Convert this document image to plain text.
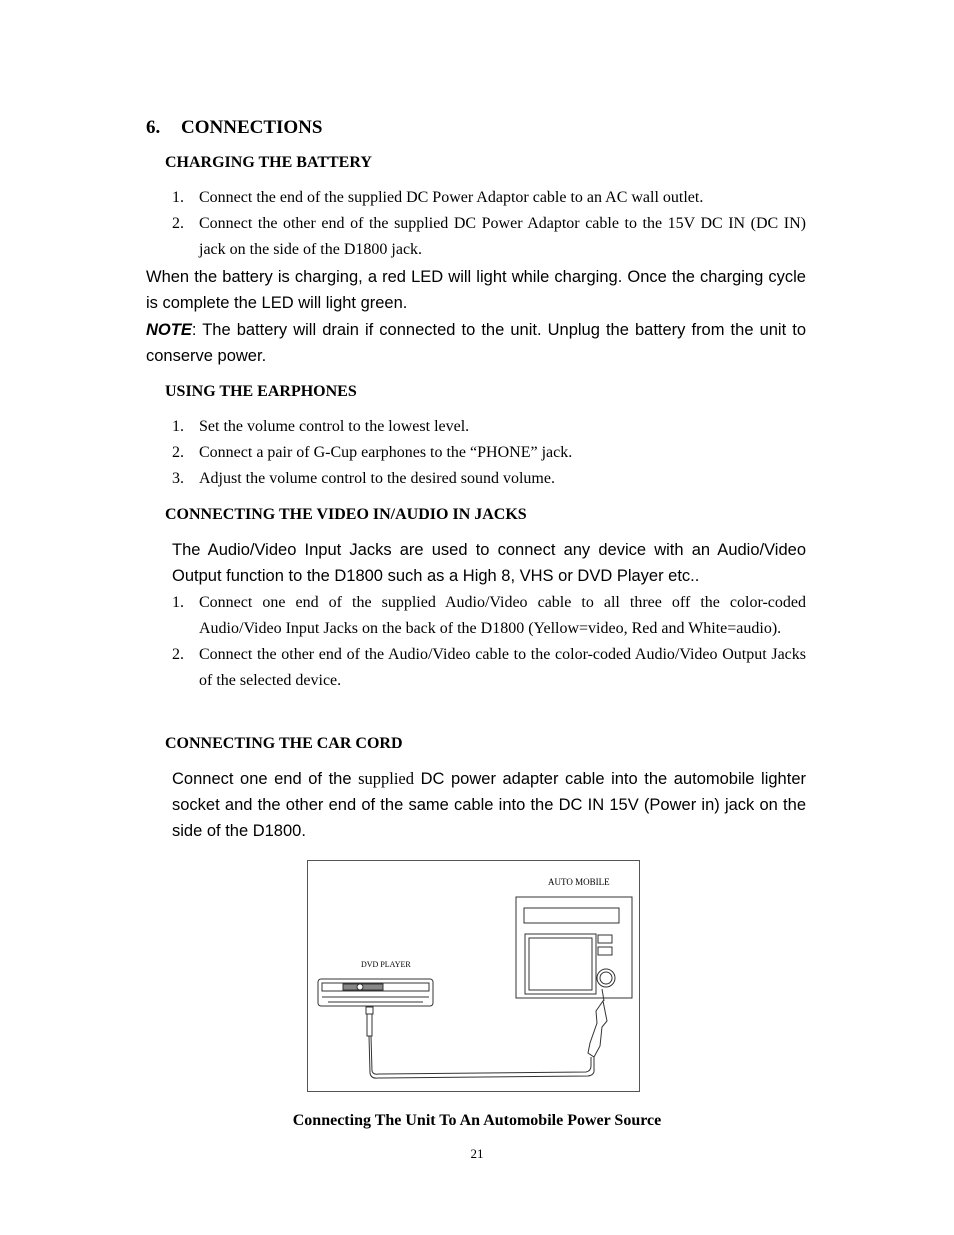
6. CONNECTIONS
CHARGING THE BATTERY
1. Connect the end of the supplied DC Power Adaptor cable to an AC wall outlet.
2. Connect the other end of the supplied DC Power Adaptor cable to the 15V DC IN (DC IN) jack on the side of the D1800 jack.
When the battery is charging, a red LED will light while charging. Once the charging cycle is complete the LED will light green.
NOTE: The battery will drain if connected to the unit. Unplug the battery from the unit to conserve power.
USING THE EARPHONES
1. Set the volume control to the lowest level.
2. Connect a pair of G-Cup earphones to the “PHONE” jack.
3. Adjust the volume control to the desired sound volume.
CONNECTING THE VIDEO IN/AUDIO IN JACKS
The Audio/Video Input Jacks are used to connect any device with an Audio/Video Output function to the D1800 such as a High 8, VHS or DVD Player etc..
1. Connect one end of the supplied Audio/Video cable to all three off the color-coded Audio/Video Input Jacks on the back of the D1800 (Yellow=video, Red and White=audio).
2. Connect the other end of the Audio/Video cable to the color-coded Audio/Video Output Jacks of the selected device.
CONNECTING THE CAR CORD
Connect one end of the supplied DC power adapter cable into the automobile lighter socket and the other end of the same cable into the DC IN 15V (Power in) jack on the side of the D1800.
AUTO MOBILE
DVD PLAYER
Connecting The Unit To An Automobile Power Source
21
